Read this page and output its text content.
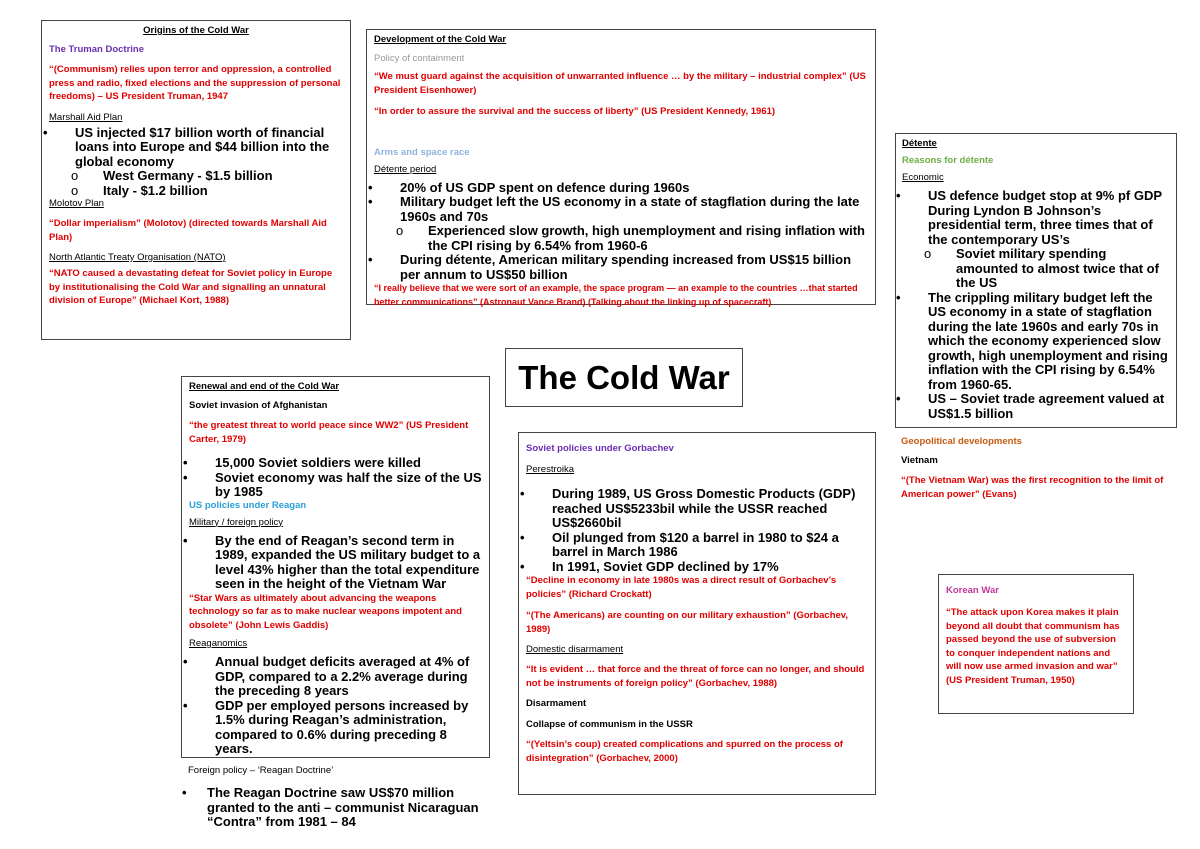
Origins of the Cold War
The Truman Doctrine
“(Communism) relies upon terror and oppression, a controlled press and radio, fixed elections and the suppression of personal freedoms) – US President Truman, 1947
Marshall Aid Plan
• US injected $17 billion worth of financial loans into Europe and $44 billion into the global economy
o West Germany - $1.5 billion
o Italy - $1.2 billion
Molotov Plan
“Dollar imperialism” (Molotov) (directed towards Marshall Aid Plan)
North Atlantic Treaty Organisation (NATO)
“NATO caused a devastating defeat for Soviet policy in Europe by institutionalising the Cold War and signalling an unnatural division of Europe” (Michael Kort, 1988)
Development of the Cold War
Policy of containment
“We must guard against the acquisition of unwarranted influence … by the military – industrial complex” (US President Eisenhower)
“In order to assure the survival and the success of liberty” (US President Kennedy, 1961)
Arms and space race
Détente period
• 20% of US GDP spent on defence during 1960s
• Military budget left the US economy in a state of stagflation during the late 1960s and 70s
o Experienced slow growth, high unemployment and rising inflation with the CPI rising by 6.54% from 1960-6
• During détente, American military spending increased from US$15 billion per annum to US$50 billion
“I really believe that we were sort of an example, the space program — an example to the countries …that started better communications” (Astronaut Vance Brand) (Talking about the linking up of spacecraft)
The Cold War
Détente
Reasons for détente
Economic
• US defence budget stop at 9% pf GDP During Lyndon B Johnson’s presidential term, three times that of the contemporary US’s
o Soviet military spending amounted to almost twice that of the US
• The crippling military budget left the US economy in a state of stagflation during the late 1960s and early 70s in which the economy experienced slow growth, high unemployment and rising inflation with the CPI rising by 6.54% from 1960-65.
• US – Soviet trade agreement valued at US$1.5 billion
Geopolitical developments
Vietnam
“(The Vietnam War) was the first recognition to the limit of American power” (Evans)
Korean War
“The attack upon Korea makes it plain beyond all doubt that communism has passed beyond the use of subversion to conquer independent nations and will now use armed invasion and war” (US President Truman, 1950)
Renewal and end of the Cold War
Soviet invasion of Afghanistan
“the greatest threat to world peace since WW2” (US President Carter, 1979)
• 15,000 Soviet soldiers were killed
• Soviet economy was half the size of the US by 1985
US policies under Reagan
Military / foreign policy
• By the end of Reagan’s second term in 1989, expanded the US military budget to a level 43% higher than the total expenditure seen in the height of the Vietnam War
“Star Wars as ultimately about advancing the weapons technology so far as to make nuclear weapons impotent and obsolete” (John Lewis Gaddis)
Reaganomics
• Annual budget deficits averaged at 4% of GDP, compared to a 2.2% average during the preceding 8 years
• GDP per employed persons increased by 1.5% during Reagan’s administration, compared to 0.6% during preceding 8 years.
Foreign policy – ‘Reagan Doctrine’
• The Reagan Doctrine saw US$70 million granted to the anti – communist Nicaraguan “Contra” from 1981 – 84
Soviet policies under Gorbachev
Perestroika
• During 1989, US Gross Domestic Products (GDP) reached US$5233bil while the USSR reached US$2660bil
• Oil plunged from $120 a barrel in 1980 to $24 a barrel in March 1986
• In 1991, Soviet GDP declined by 17%
“Decline in economy in late 1980s was a direct result of Gorbachev’s policies” (Richard Crockatt)
“(The Americans) are counting on our military exhaustion” (Gorbachev, 1989)
Domestic disarmament
“It is evident … that force and the threat of force can no longer, and should not be instruments of foreign policy” (Gorbachev, 1988)
Disarmament
Collapse of communism in the USSR
“(Yeltsin’s coup) created complications and spurred on the process of disintegration” (Gorbachev, 2000)
